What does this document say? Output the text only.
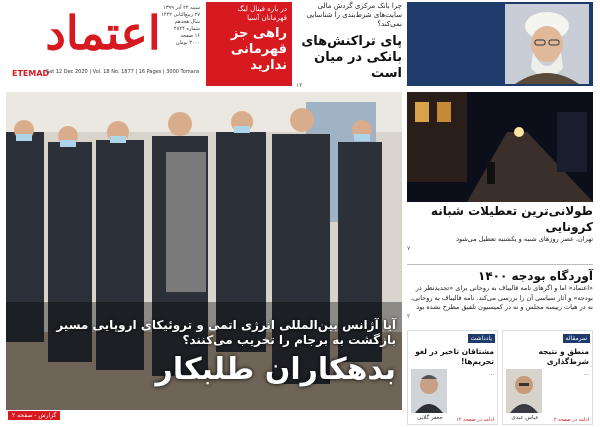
اعتماد
ETEMAD
Sat 12 Dec 2020 | Vol. 18 No. 1877 | 16 Pages | 3000 Tomans
شنبه ۲۲ آذر ۱۳۹۹
۲۷ ربیع‌الثانی ۱۴۴۲
سال هجدهم
شماره ۴۸۲۴
۱۶ صفحه
۳۰۰۰ تومان
در باره فینال لیگ قهرمانان آسیا
راهی جز قهرمانی ندارید
چرا بانک مرکزی گردش مالی سایت‌های شرط‌بندی را شناسایی نمی‌کند؟
پای تراکنش‌های بانکی در میان است
۱۲
آیا آژانس بین‌المللی انرژی اتمی و تروئیکای اروپایی مسیر بازگشت به برجام را تخریب می‌کنند؟
بدهکاران طلبکار
گزارش - صفحه ۲
طولانی‌ترین تعطیلات شبانه کرونایی
تهران، عصر روزهای شنبه و یکشنبه تعطیل می‌شود
۷
آوردگاه بودجه ۱۴۰۰
«اعتماد» اما و اگرهای نامه قالیباف به روحانی برای «تجدیدنظر در بودجه» و آثار سیاسی آن را بررسی می‌کند. نامه قالیباف به روحانی، نه در هیات رییسه مجلس و نه در کمیسیون تلفیق مطرح نشده بود
۲
سرمقاله
منطق و نتیجه شرط‌گذاری
...
عباس عبدی	ادامه در صفحه ۲
یادداشت
مشتاقان تاخیر در لغو تحریم‌ها!
...
جعفر گلابی	ادامه در صفحه ۱۲
